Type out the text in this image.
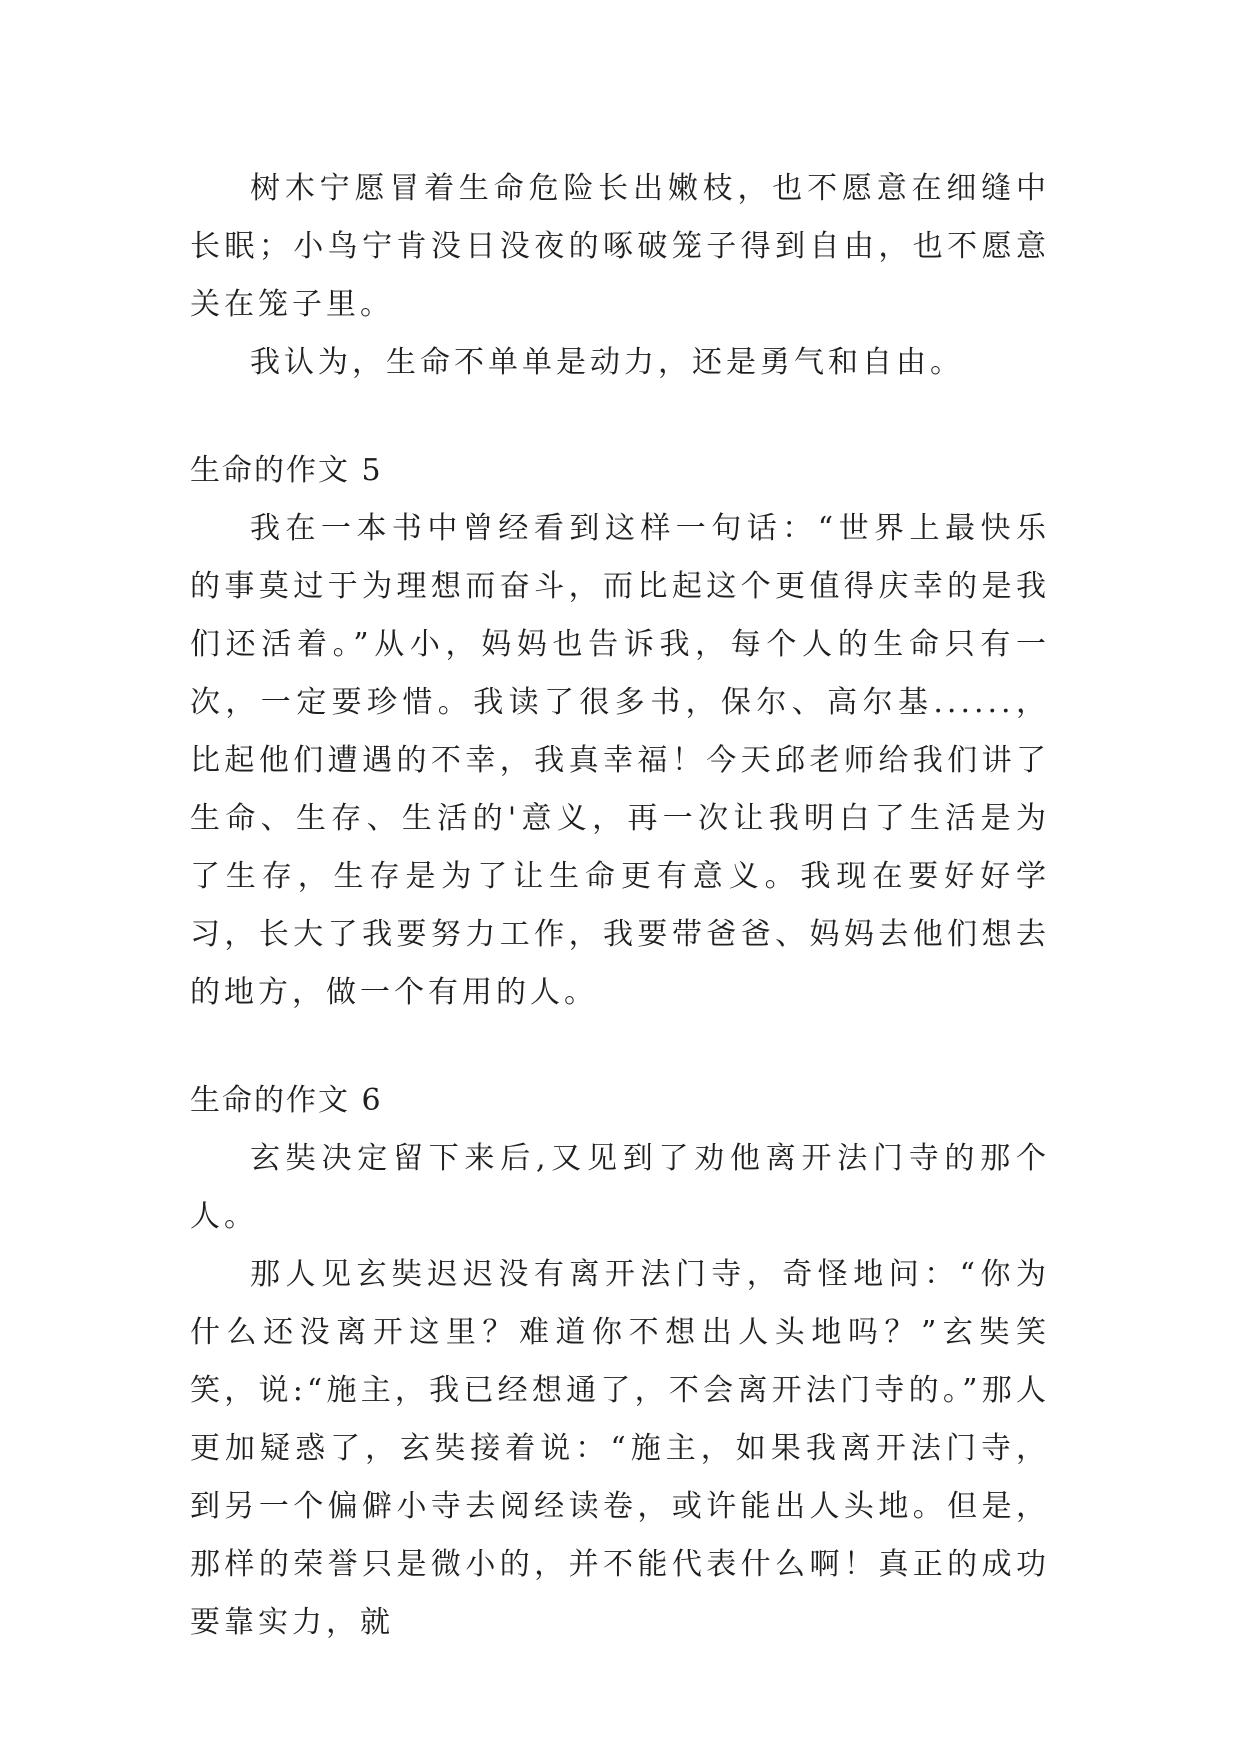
树木宁愿冒着生命危险长出嫩枝，也不愿意在细缝中长眠；小鸟宁肯没日没夜的啄破笼子得到自由，也不愿意关在笼子里。

我认为，生命不单单是动力，还是勇气和自由。

生命的作文 5

我在一本书中曾经看到这样一句话：“世界上最快乐的事莫过于为理想而奋斗，而比起这个更值得庆幸的是我们还活着。”从小，妈妈也告诉我，每个人的生命只有一次，一定要珍惜。我读了很多书，保尔、高尔基......，比起他们遭遇的不幸，我真幸福！今天邱老师给我们讲了生命、生存、生活的'意义，再一次让我明白了生活是为了生存，生存是为了让生命更有意义。我现在要好好学习，长大了我要努力工作，我要带爸爸、妈妈去他们想去的地方，做一个有用的人。

生命的作文 6

玄奘决定留下来后,又见到了劝他离开法门寺的那个人。

那人见玄奘迟迟没有离开法门寺，奇怪地问：“你为什么还没离开这里？难道你不想出人头地吗？”玄奘笑笑，说:“施主，我已经想通了，不会离开法门寺的。”那人更加疑惑了，玄奘接着说：“施主，如果我离开法门寺，到另一个偏僻小寺去阅经读卷，或许能出人头地。但是，那样的荣誉只是微小的，并不能代表什么啊！真正的成功要靠实力，就
